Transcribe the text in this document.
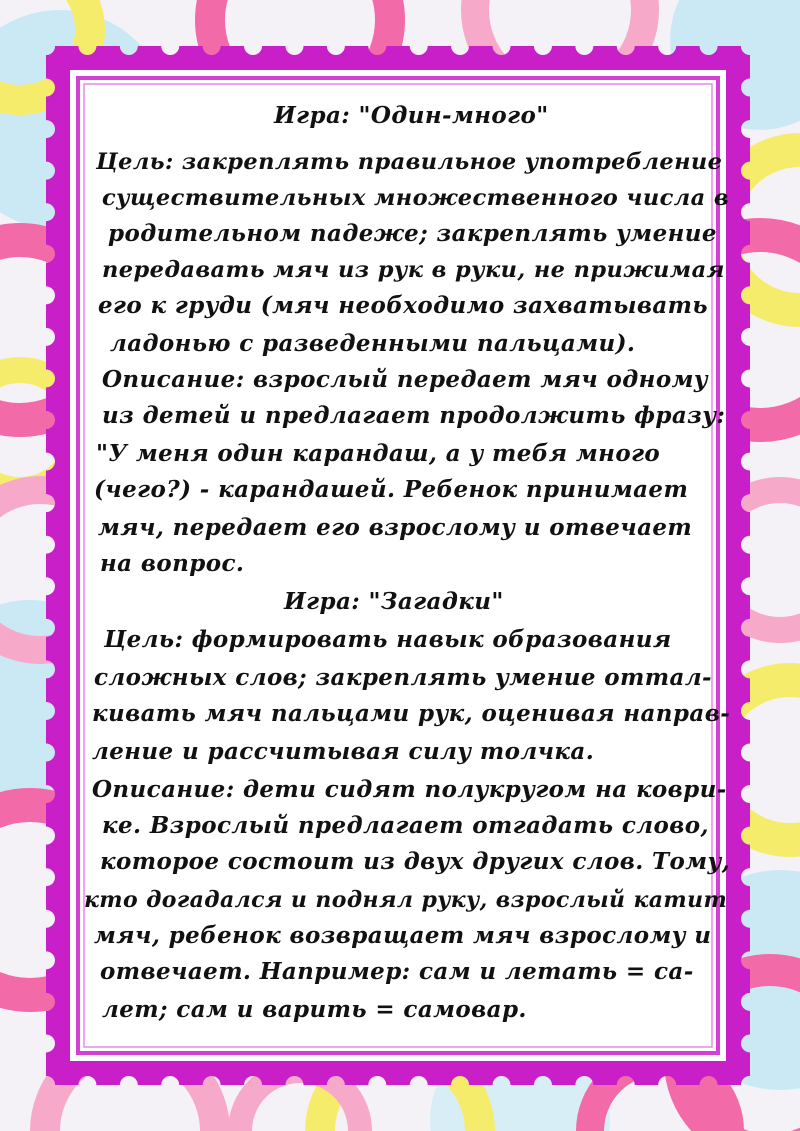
Игра: "Один-много"
Цель: закреплять правильное употребление
существительных множественного числа в
родительном падеже; закреплять умение
передавать мяч из рук в руки, не прижимая
его к груди (мяч необходимо захватывать
ладонью с разведенными пальцами).
Описание: взрослый передает мяч одному
из детей и предлагает продолжить фразу:
"У меня один карандаш, а у тебя много
(чего?) - карандашей. Ребенок принимает
мяч, передает его взрослому и отвечает
на вопрос.
Игра: "Загадки"
Цель: формировать навык образования
сложных слов; закреплять умение оттал-
кивать мяч пальцами рук, оценивая направ-
ление и рассчитывая силу толчка.
Описание: дети сидят полукругом на коври-
ке. Взрослый предлагает отгадать слово,
которое состоит из двух других слов. Тому,
кто догадался и поднял руку, взрослый катит
мяч, ребенок возвращает мяч взрослому и
отвечает. Например: сам и летать = са-
лет; сам и варить = самовар.
